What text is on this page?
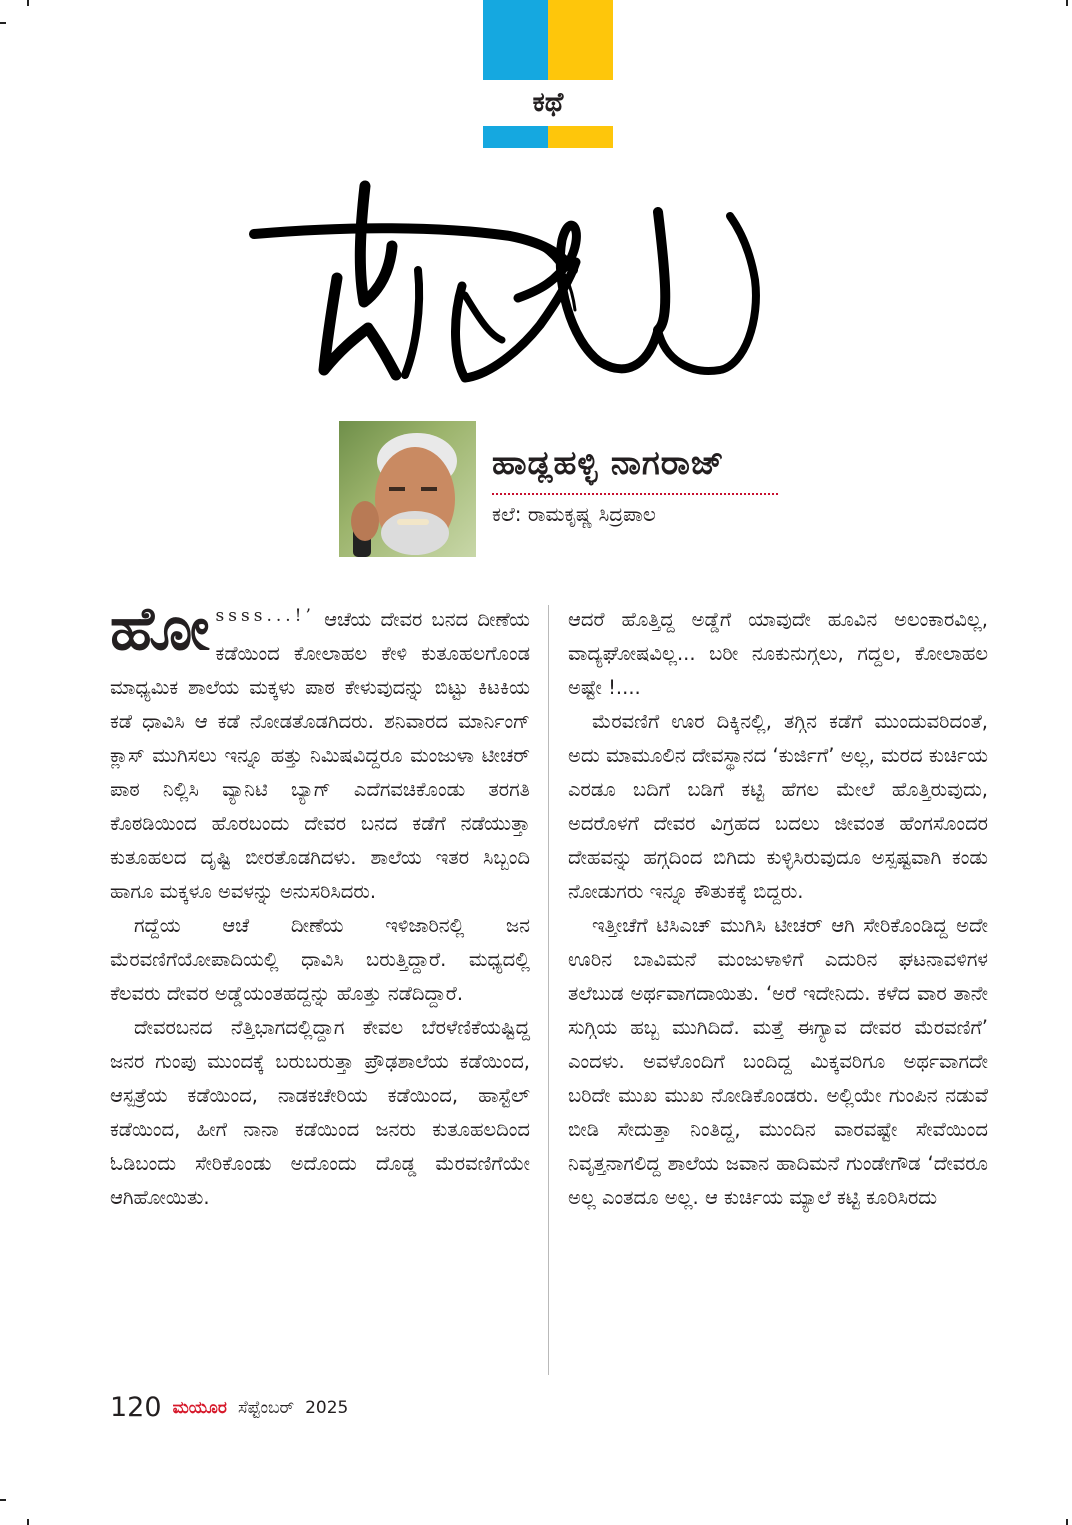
ಕಥೆ
ಹಾಡ್ಲಹಳ್ಳಿ ನಾಗರಾಜ್
ಕಲೆ: ರಾಮಕೃಷ್ಣ ಸಿದ್ರಪಾಲ

ಹೋssss...!’ ಆಚೆಯ ದೇವರ ಬನದ ದೀಣೆಯ ಕಡೆಯಿಂದ ಕೋಲಾಹಲ ಕೇಳಿ ಕುತೂಹಲಗೊಂಡ ಮಾಧ್ಯಮಿಕ ಶಾಲೆಯ ಮಕ್ಕಳು ಪಾಠ ಕೇಳುವುದನ್ನು ಬಿಟ್ಟು ಕಿಟಕಿಯ ಕಡೆ ಧಾವಿಸಿ ಆ ಕಡೆ ನೋಡತೊಡಗಿದರು. ಶನಿವಾರದ ಮಾರ್ನಿಂಗ್ ಕ್ಲಾಸ್ ಮುಗಿಸಲು ಇನ್ನೂ ಹತ್ತು ನಿಮಿಷವಿದ್ದರೂ ಮಂಜುಳಾ ಟೀಚರ್ ಪಾಠ ನಿಲ್ಲಿಸಿ ವ್ಯಾನಿಟಿ ಬ್ಯಾಗ್ ಎದೆಗವಚಿಕೊಂಡು ತರಗತಿ ಕೊಠಡಿಯಿಂದ ಹೊರಬಂದು ದೇವರ ಬನದ ಕಡೆಗೆ ನಡೆಯುತ್ತಾ ಕುತೂಹಲದ ದೃಷ್ಟಿ ಬೀರತೊಡಗಿದಳು. ಶಾಲೆಯ ಇತರ ಸಿಬ್ಬಂದಿ ಹಾಗೂ ಮಕ್ಕಳೂ ಅವಳನ್ನು ಅನುಸರಿಸಿದರು.

ಗದ್ದೆಯ ಆಚೆ ದೀಣೆಯ ಇಳಿಜಾರಿನಲ್ಲಿ ಜನ ಮೆರವಣಿಗೆಯೋಪಾದಿಯಲ್ಲಿ ಧಾವಿಸಿ ಬರುತ್ತಿದ್ದಾರೆ. ಮಧ್ಯದಲ್ಲಿ ಕೆಲವರು ದೇವರ ಅಡ್ಡೆಯಂತಹದ್ದನ್ನು ಹೊತ್ತು ನಡೆದಿದ್ದಾರೆ.

ದೇವರಬನದ ನೆತ್ತಿಭಾಗದಲ್ಲಿದ್ದಾಗ ಕೇವಲ ಬೆರಳೆಣಿಕೆಯಷ್ಟಿದ್ದ ಜನರ ಗುಂಪು ಮುಂದಕ್ಕೆ ಬರುಬರುತ್ತಾ ಪ್ರೌಢಶಾಲೆಯ ಕಡೆಯಿಂದ, ಆಸ್ಪತ್ರೆಯ ಕಡೆಯಿಂದ, ನಾಡಕಚೇರಿಯ ಕಡೆಯಿಂದ, ಹಾಸ್ಟೆಲ್ ಕಡೆಯಿಂದ, ಹೀಗೆ ನಾನಾ ಕಡೆಯಿಂದ ಜನರು ಕುತೂಹಲದಿಂದ ಓಡಿಬಂದು ಸೇರಿಕೊಂಡು ಅದೊಂದು ದೊಡ್ಡ ಮೆರವಣಿಗೆಯೇ ಆಗಿಹೋಯಿತು.

ಆದರೆ ಹೊತ್ತಿದ್ದ ಅಡ್ಡೆಗೆ ಯಾವುದೇ ಹೂವಿನ ಅಲಂಕಾರವಿಲ್ಲ, ವಾದ್ಯಘೋಷವಿಲ್ಲ... ಬರೀ ನೂಕುನುಗ್ಗಲು, ಗದ್ದಲ, ಕೋಲಾಹಲ ಅಷ್ಟೇ !....

ಮೆರವಣಿಗೆ ಊರ ದಿಕ್ಕಿನಲ್ಲಿ, ತಗ್ಗಿನ ಕಡೆಗೆ ಮುಂದುವರಿದಂತೆ, ಅದು ಮಾಮೂಲಿನ ದೇವಸ್ಥಾನದ ‘ಕುರ್ಜಿಗೆ’ ಅಲ್ಲ, ಮರದ ಕುರ್ಚಿಯ ಎರಡೂ ಬದಿಗೆ ಬಡಿಗೆ ಕಟ್ಟಿ ಹೆಗಲ ಮೇಲೆ ಹೊತ್ತಿರುವುದು, ಅದರೊಳಗೆ ದೇವರ ವಿಗ್ರಹದ ಬದಲು ಜೀವಂತ ಹೆಂಗಸೊಂದರ ದೇಹವನ್ನು ಹಗ್ಗದಿಂದ ಬಿಗಿದು ಕುಳ್ಳಿಸಿರುವುದೂ ಅಸ್ಪಷ್ಟವಾಗಿ ಕಂಡು ನೋಡುಗರು ಇನ್ನೂ ಕೌತುಕಕ್ಕೆ ಬಿದ್ದರು.

ಇತ್ತೀಚೆಗೆ ಟಿಸಿಎಚ್ ಮುಗಿಸಿ ಟೀಚರ್ ಆಗಿ ಸೇರಿಕೊಂಡಿದ್ದ ಅದೇ ಊರಿನ ಬಾವಿಮನೆ ಮಂಜುಳಾಳಿಗೆ ಎದುರಿನ ಘಟನಾವಳಿಗಳ ತಲೆಬುಡ ಅರ್ಥವಾಗದಾಯಿತು. ‘ಅರೆ ಇದೇನಿದು. ಕಳೆದ ವಾರ ತಾನೇ ಸುಗ್ಗಿಯ ಹಬ್ಬ ಮುಗಿದಿದೆ. ಮತ್ತೆ ಈಗ್ಯಾವ ದೇವರ ಮೆರವಣಿಗೆ’ ಎಂದಳು. ಅವಳೊಂದಿಗೆ ಬಂದಿದ್ದ ಮಿಕ್ಕವರಿಗೂ ಅರ್ಥವಾಗದೇ ಬರಿದೇ ಮುಖ ಮುಖ ನೋಡಿಕೊಂಡರು. ಅಲ್ಲಿಯೇ ಗುಂಪಿನ ನಡುವೆ ಬೀಡಿ ಸೇದುತ್ತಾ ನಿಂತಿದ್ದ, ಮುಂದಿನ ವಾರವಷ್ಟೇ ಸೇವೆಯಿಂದ ನಿವೃತ್ತನಾಗಲಿದ್ದ ಶಾಲೆಯ ಜವಾನ ಹಾದಿಮನೆ ಗುಂಡೇಗೌಡ ‘ದೇವರೂ ಅಲ್ಲ ಎಂತದೂ ಅಲ್ಲ. ಆ ಕುರ್ಚಿಯ ಮ್ಯಾಲೆ ಕಟ್ಟಿ ಕೂರಿಸಿರದು

120 ಮಯೂರ ಸೆಪ್ಟೆಂಬರ್ 2025
